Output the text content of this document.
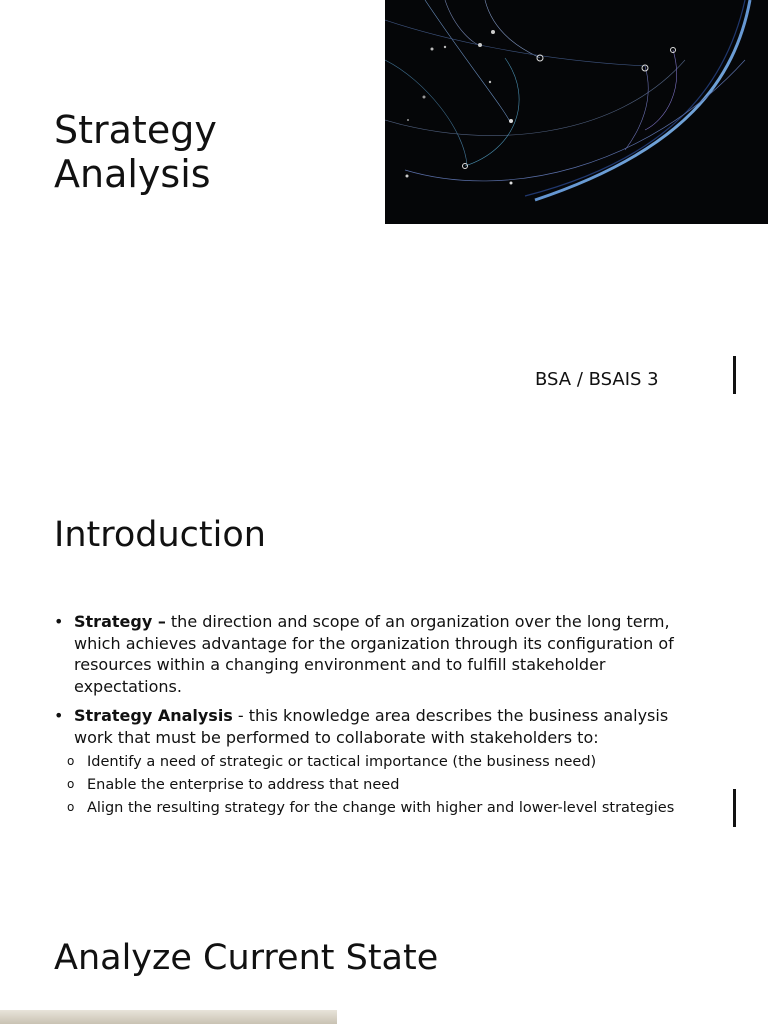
Strategy Analysis
BSA / BSAIS 3
Introduction
• Strategy – the direction and scope of an organization over the long term, which achieves advantage for the organization through its configuration of resources within a changing environment and to fulfill stakeholder expectations.
• Strategy Analysis - this knowledge area describes the business analysis work that must be performed to collaborate with stakeholders to:
o Identify a need of strategic or tactical importance (the business need)
o Enable the enterprise to address that need
o Align the resulting strategy for the change with higher and lower-level strategies
Analyze Current State
